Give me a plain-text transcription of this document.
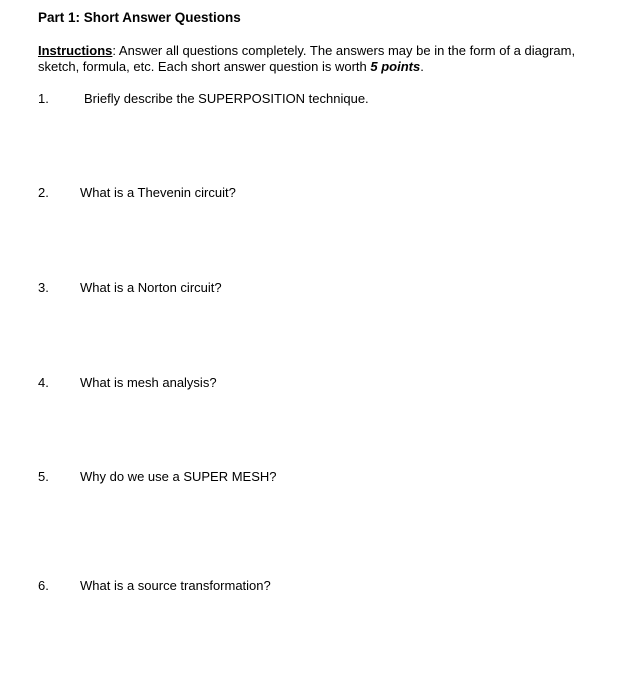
Part 1: Short Answer Questions
Instructions: Answer all questions completely. The answers may be in the form of a diagram, sketch, formula, etc. Each short answer question is worth 5 points.
1.	Briefly describe the SUPERPOSITION technique.
2. What is a Thevenin circuit?
3. What is a Norton circuit?
4. What is mesh analysis?
5. Why do we use a SUPER MESH?
6. What is a source transformation?
